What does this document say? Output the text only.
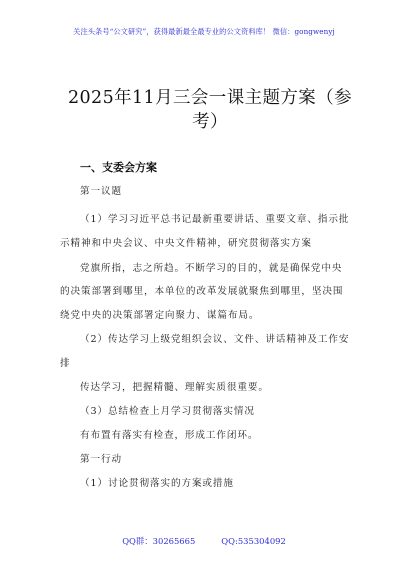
关注头条号“公文研究”，获得最新最全最专业的公文资料库！ 微信：gongwenyj
2025年11月三会一课主题方案（参
考）
一、支委会方案
第一议题
（1）学习习近平总书记最新重要讲话、重要文章、指示批
示精神和中央会议、中央文件精神，研究贯彻落实方案
党旗所指，志之所趋。不断学习的目的，就是确保党中央
的决策部署到哪里，本单位的改革发展就聚焦到哪里，坚决围
绕党中央的决策部署定向聚力、谋篇布局。
（2）传达学习上级党组织会议、文件、讲话精神及工作安
排
传达学习，把握精髓、理解实质很重要。
（3）总结检查上月学习贯彻落实情况
有布置有落实有检查，形成工作闭环。
第一行动
（1）讨论贯彻落实的方案或措施
QQ群：30265665	QQ:535304092
